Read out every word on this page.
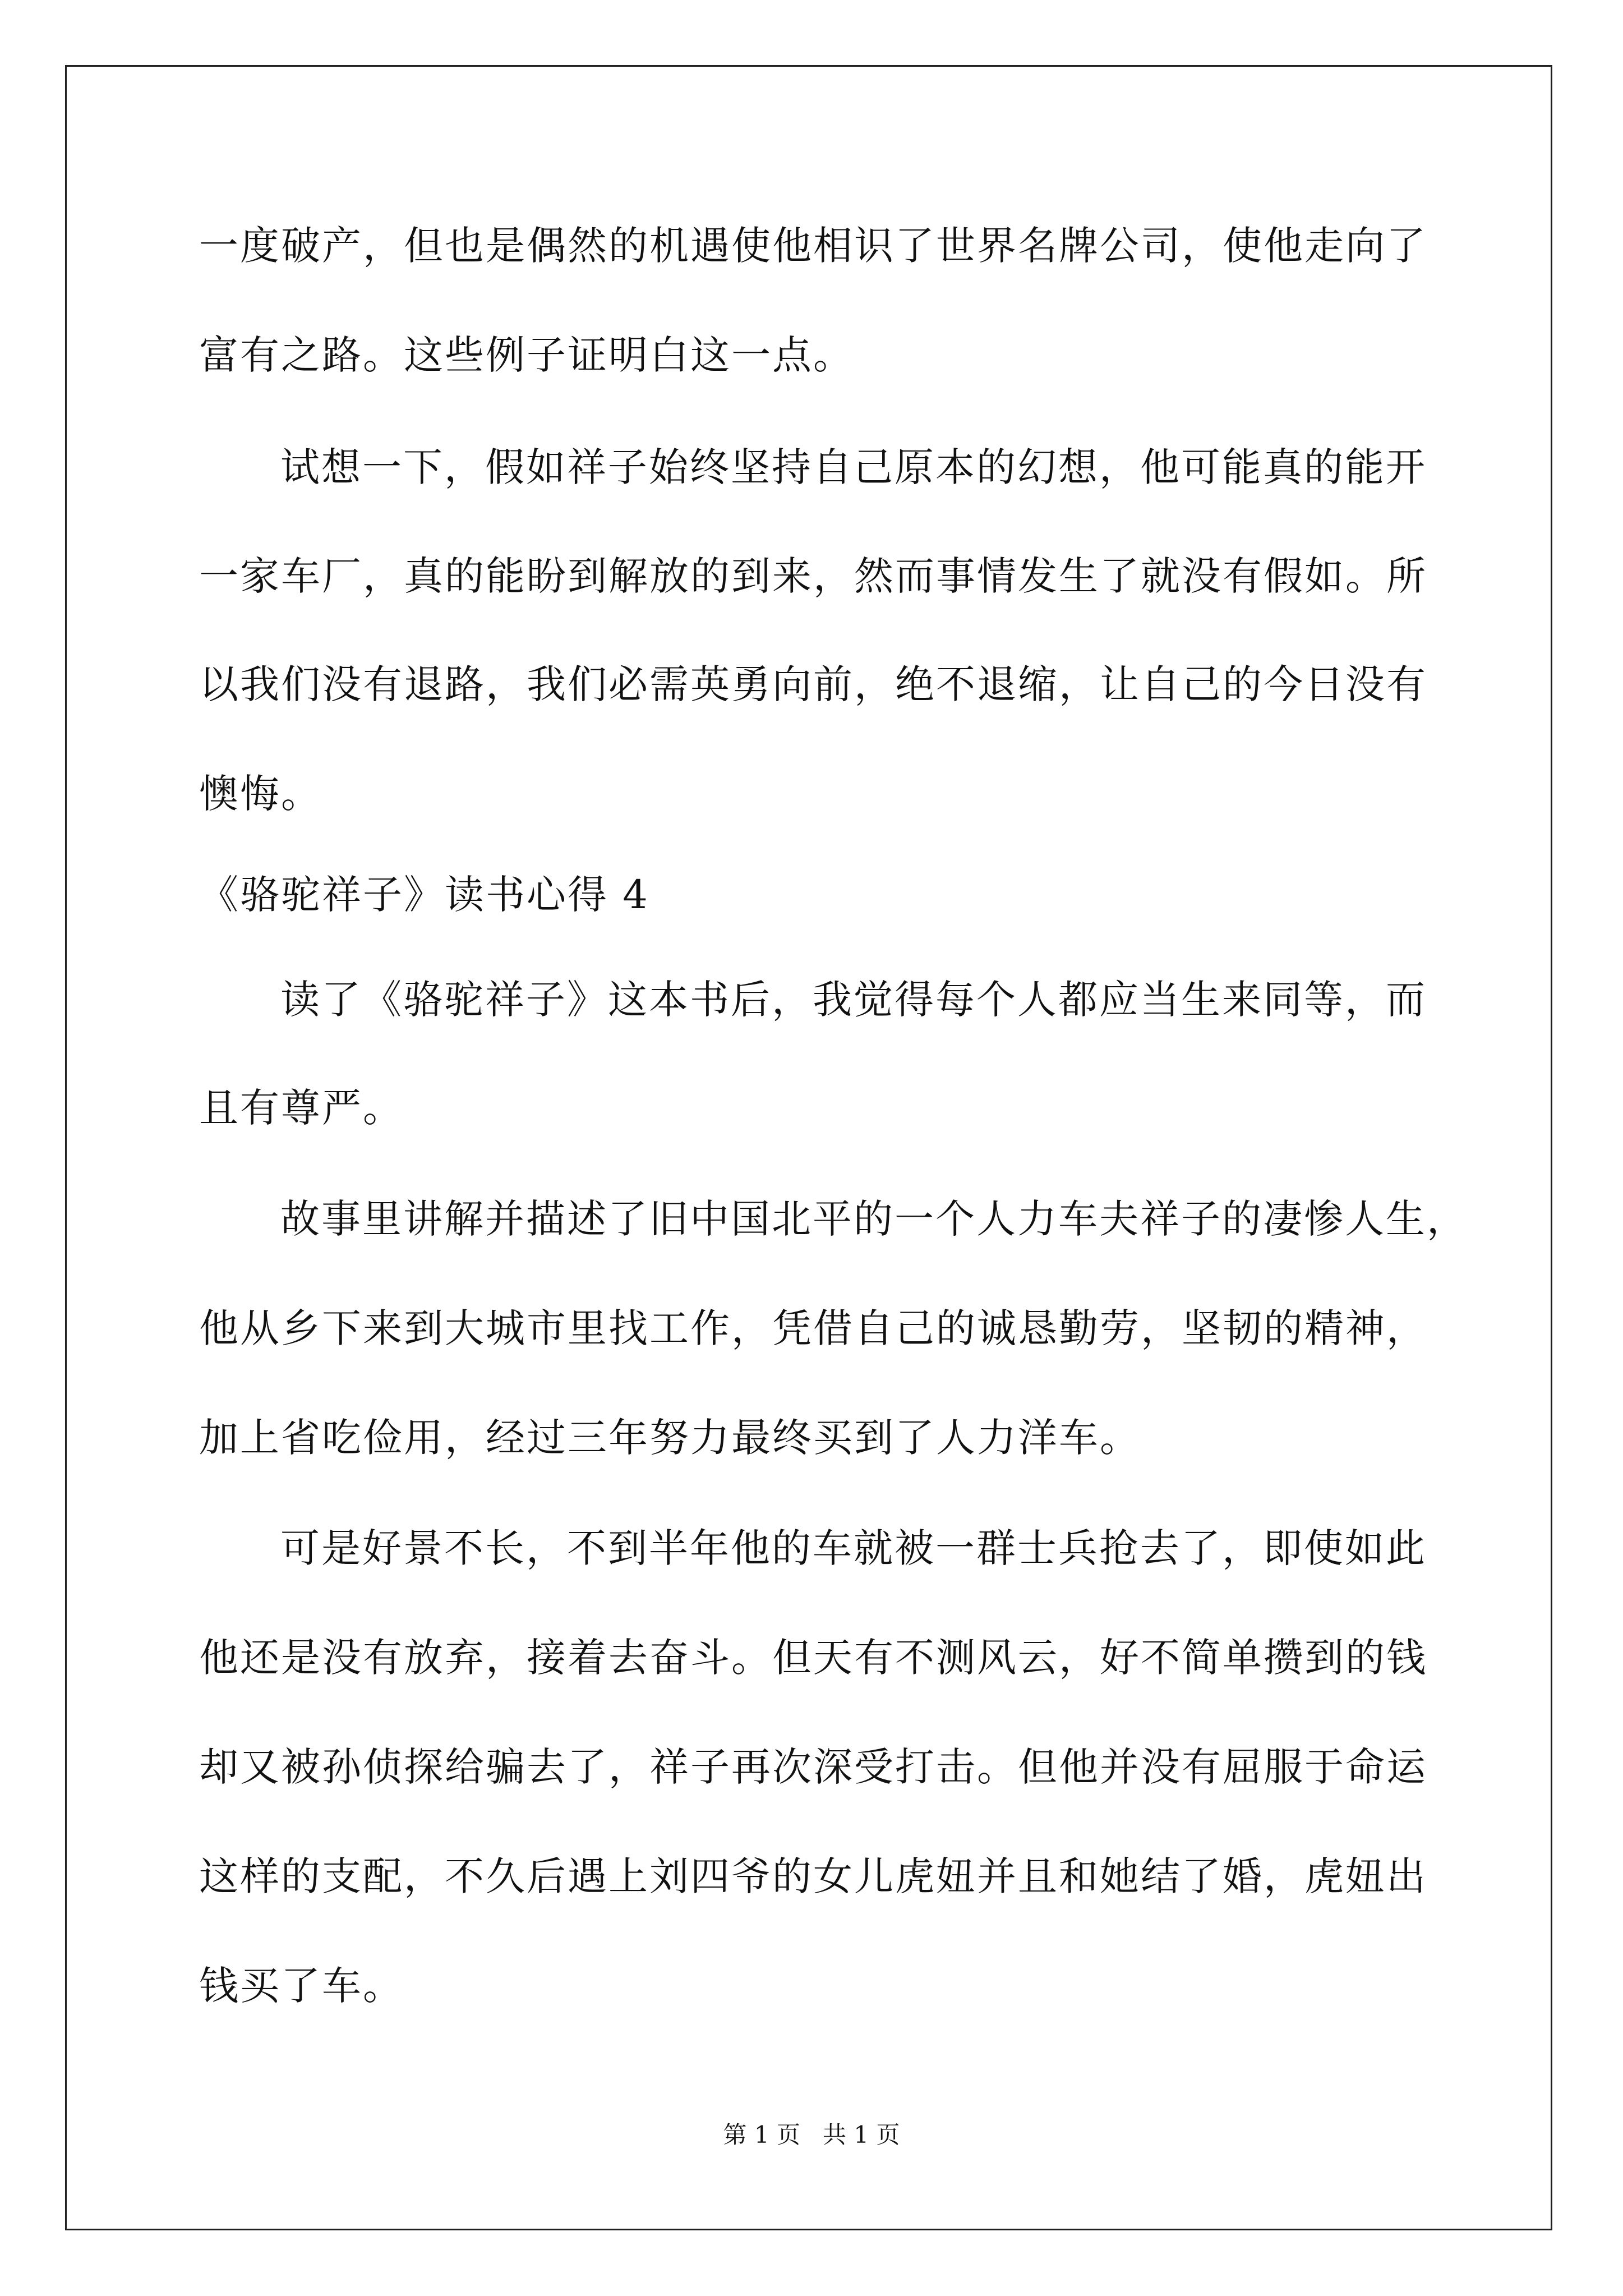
一度破产，但也是偶然的机遇使他相识了世界名牌公司，使他走向了
富有之路。这些例子证明白这一点。
试想一下，假如祥子始终坚持自己原本的幻想，他可能真的能开
一家车厂，真的能盼到解放的到来，然而事情发生了就没有假如。所
以我们没有退路，我们必需英勇向前，绝不退缩，让自己的今日没有
懊悔。
《骆驼祥子》读书心得 4
读了《骆驼祥子》这本书后，我觉得每个人都应当生来同等，而
且有尊严。
故事里讲解并描述了旧中国北平的一个人力车夫祥子的凄惨人生，
他从乡下来到大城市里找工作，凭借自己的诚恳勤劳，坚韧的精神，
加上省吃俭用，经过三年努力最终买到了人力洋车。
可是好景不长，不到半年他的车就被一群士兵抢去了，即使如此
他还是没有放弃，接着去奋斗。但天有不测风云，好不简单攒到的钱
却又被孙侦探给骗去了，祥子再次深受打击。但他并没有屈服于命运
这样的支配，不久后遇上刘四爷的女儿虎妞并且和她结了婚，虎妞出
钱买了车。
第 1 页   共 1 页
